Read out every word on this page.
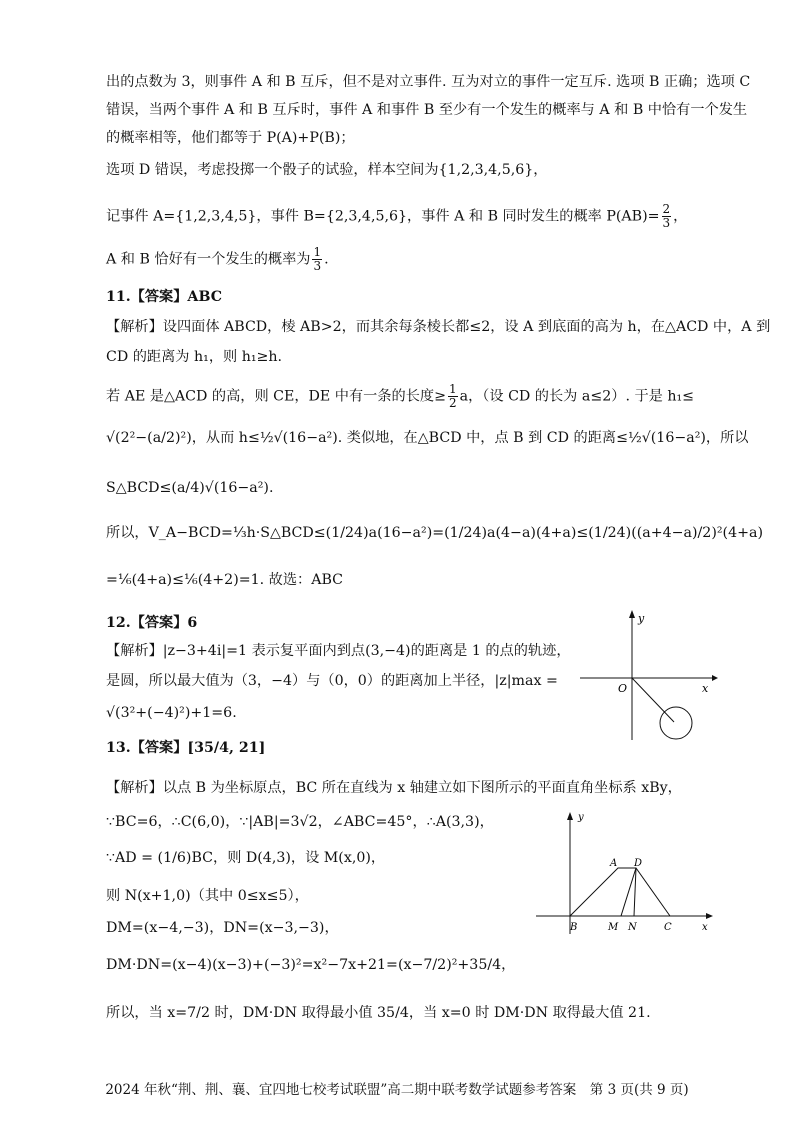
出的点数为 3，则事件 A 和 B 互斥，但不是对立事件. 互为对立的事件一定互斥. 选项 B 正确；选项 C
错误，当两个事件 A 和 B 互斥时，事件 A 和事件 B 至少有一个发生的概率与 A 和 B 中恰有一个发生
的概率相等，他们都等于 P(A)+P(B)；
选项 D 错误，考虑投掷一个骰子的试验，样本空间为{1,2,3,4,5,6}，
记事件 A={1,2,3,4,5}，事件 B={2,3,4,5,6}，事件 A 和 B 同时发生的概率 $P(AB)= \frac{2}{3}$ ，
A 和 B 恰好有一个发生的概率为 $\frac{1}{3}$ .
11.【答案】ABC
【解析】设四面体 ABCD，棱 AB>2，而其余每条棱长都≤2，设 A 到底面的高为 h，在△ACD 中，A 到
CD 的距离为 h₁，则 h₁≥h.
若 AE 是△ACD 的高，则 CE，DE 中有一条的长度≥ $\frac{1}{2}$ a，（设 CD 的长为 a≤2）. 于是 h₁≤
√(2²−(a/2)²)，从而 h≤½√(16−a²). 类似地，在△BCD 中，点 B 到 CD 的距离≤½√(16−a²)，所以
S△BCD≤(a/4)√(16−a²).
所以，V_A−BCD=⅓h·S△BCD≤(1/24)a(16−a²)=(1/24)a(4−a)(4+a)≤(1/24)((a+4−a)/2)²(4+a)
=⅙(4+a)≤⅙(4+2)=1. 故选：ABC
12.【答案】6
【解析】|z−3+4i|=1 表示复平面内到点(3,−4)的距离是 1 的点的轨迹，
是圆，所以最大值为（3，−4）与（0，0）的距离加上半径，|z|max =
√(3²+(−4)²)+1=6.
13.【答案】[35/4, 21]
【解析】以点 B 为坐标原点，BC 所在直线为 x 轴建立如下图所示的平面直角坐标系 xBy，
∵BC=6，∴C(6,0)，∵|AB|=3√2，∠ABC=45°，∴A(3,3)，
∵AD = (1/6)BC，则 D(4,3)，设 M(x,0)，
则 N(x+1,0)（其中 0≤x≤5），
DM=(x−4,−3)，DN=(x−3,−3)，
DM·DN=(x−4)(x−3)+(−3)²=x²−7x+21=(x−7/2)²+35/4，
所以，当 x=7/2 时，DM·DN 取得最小值 35/4，当 x=0 时 DM·DN 取得最大值 21.
y
x
O
y
x
A D
B	M N	C
2024 年秋“荆、荆、襄、宜四地七校考试联盟”高二期中联考数学试题参考答案　第 3 页(共 9 页)
